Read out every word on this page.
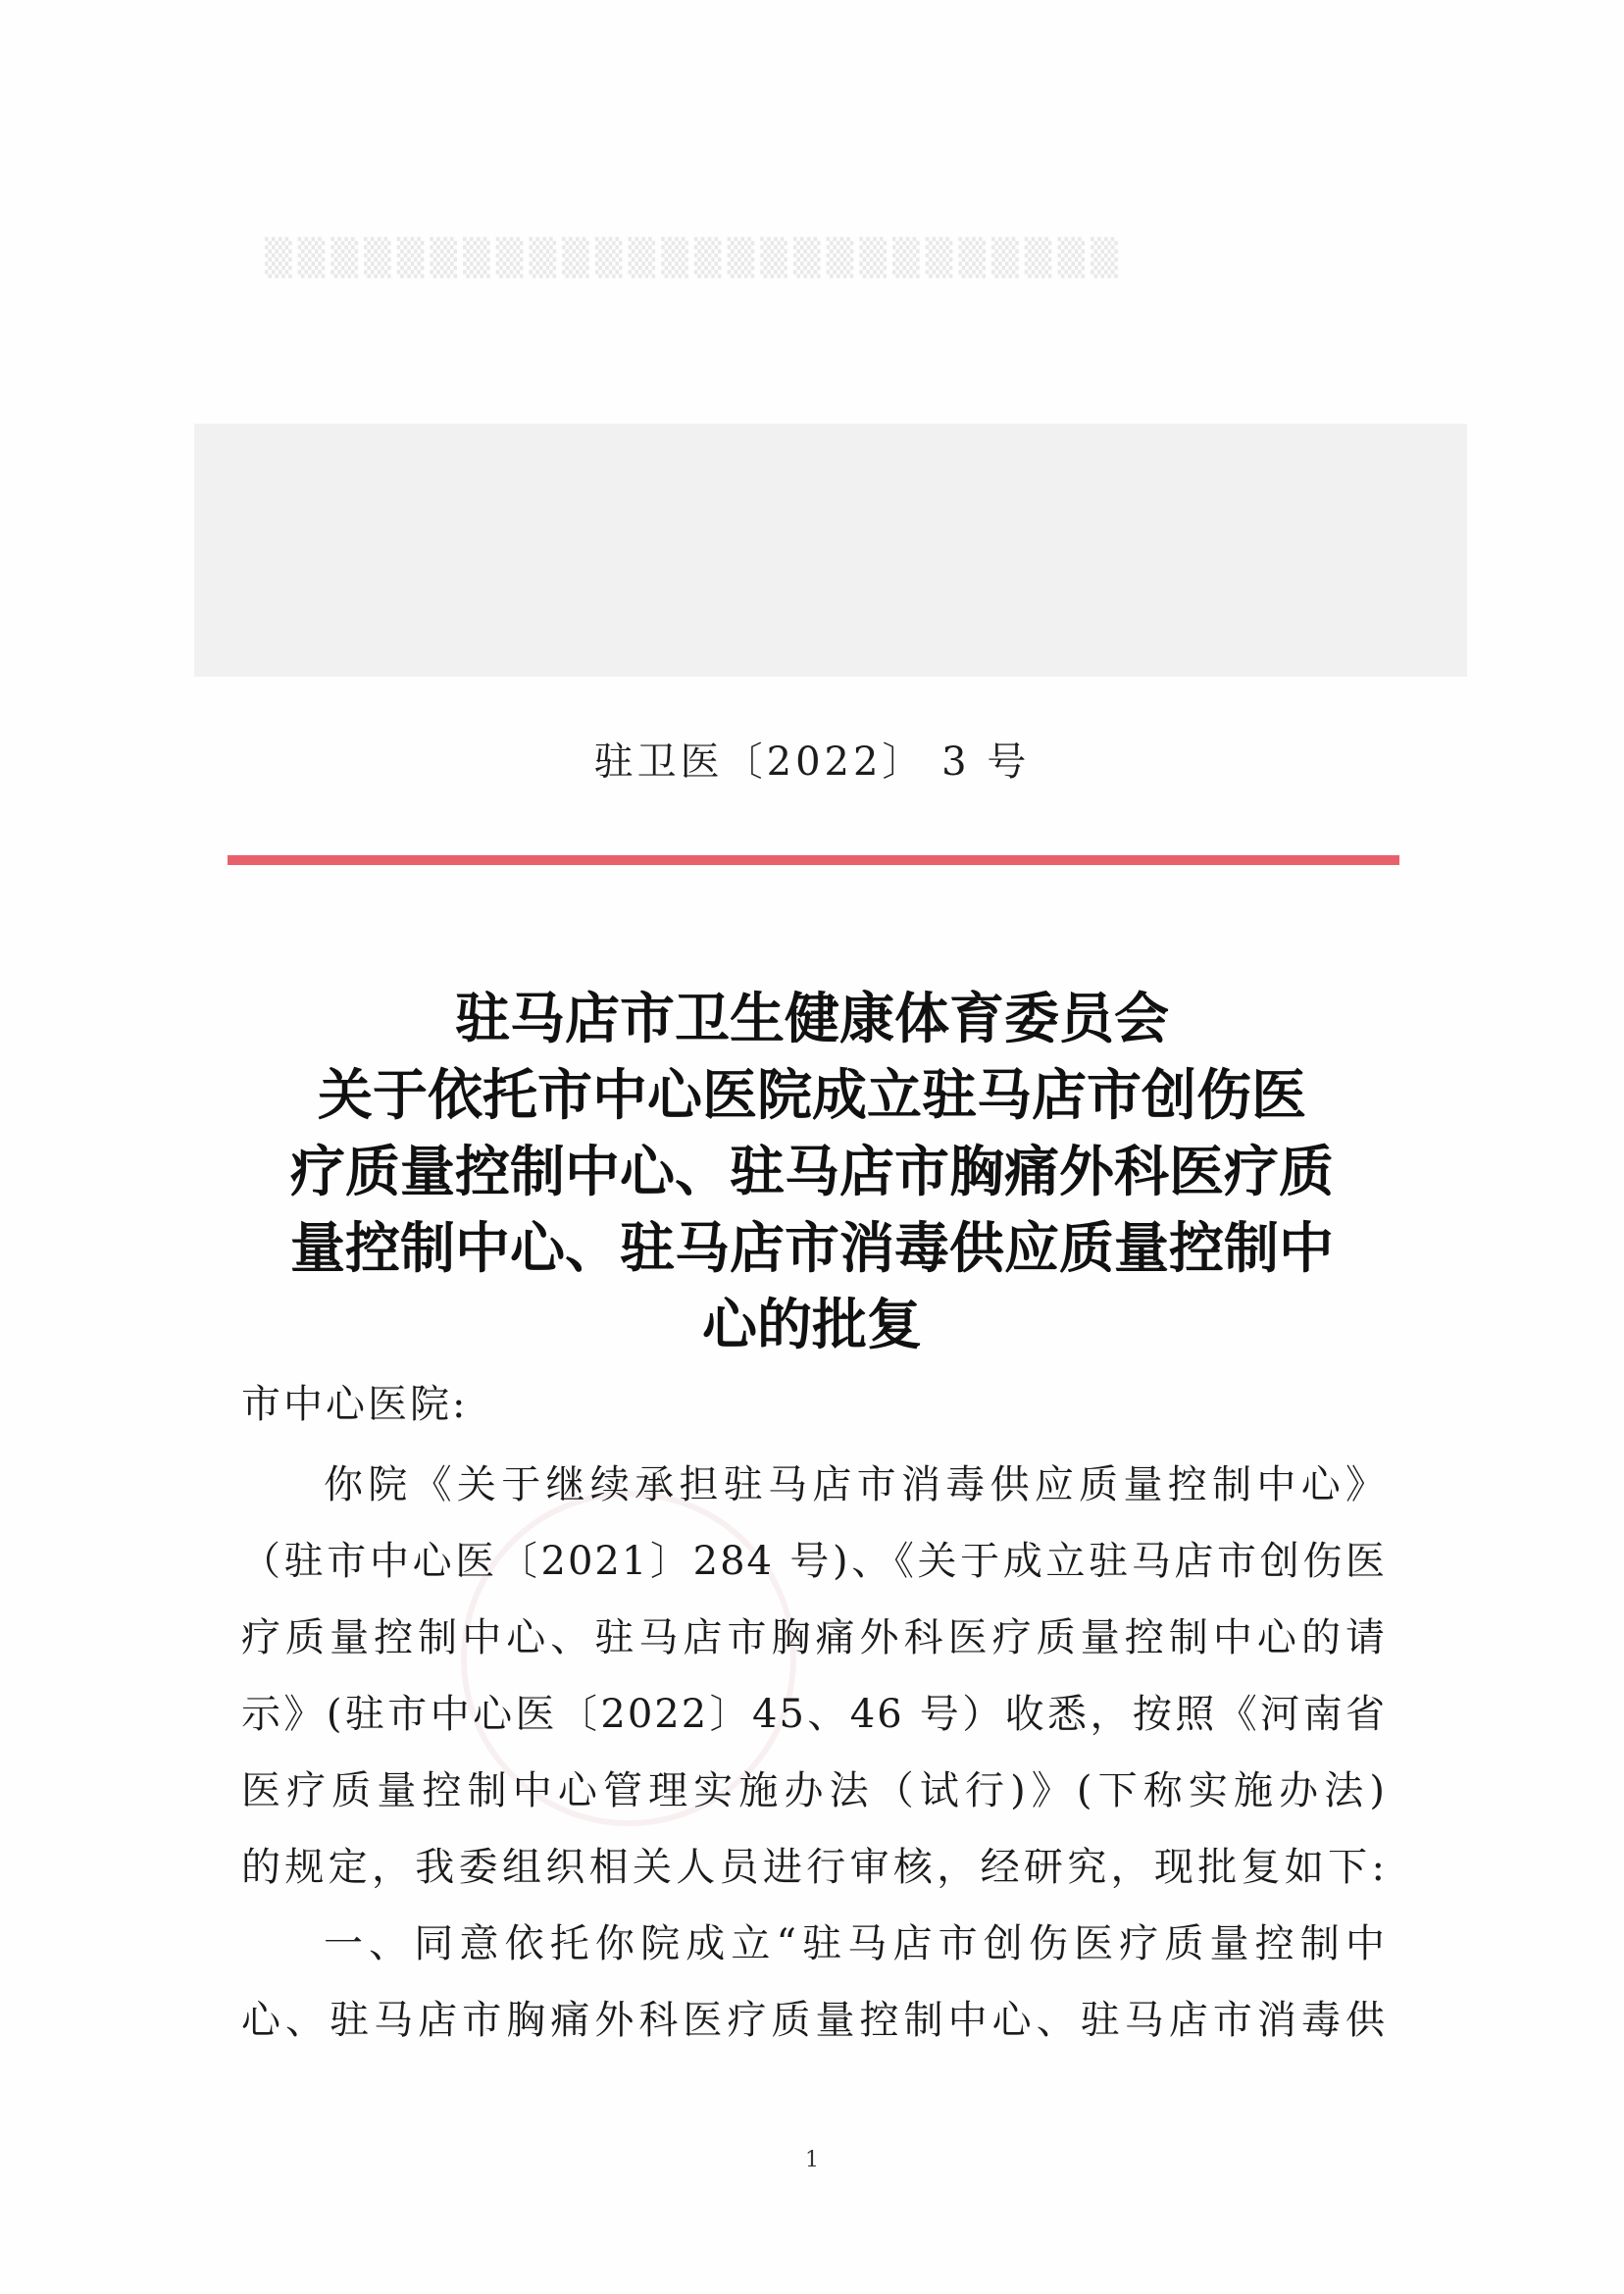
▒▒▒▒▒▒▒▒▒▒▒▒▒▒▒▒▒▒▒▒▒▒▒▒▒▒
驻卫医〔2022〕 3 号
驻马店市卫生健康体育委员会
关于依托市中心医院成立驻马店市创伤医
疗质量控制中心、驻马店市胸痛外科医疗质
量控制中心、驻马店市消毒供应质量控制中
心的批复
市中心医院:
你院《关于继续承担驻马店市消毒供应质量控制中心》
（驻市中心医〔2021〕284 号)、《关于成立驻马店市创伤医
疗质量控制中心、驻马店市胸痛外科医疗质量控制中心的请
示》(驻市中心医〔2022〕45、46 号）收悉，按照《河南省
医疗质量控制中心管理实施办法（试行)》(下称实施办法)
的规定，我委组织相关人员进行审核，经研究，现批复如下:
一、同意依托你院成立“驻马店市创伤医疗质量控制中
心、驻马店市胸痛外科医疗质量控制中心、驻马店市消毒供
1
